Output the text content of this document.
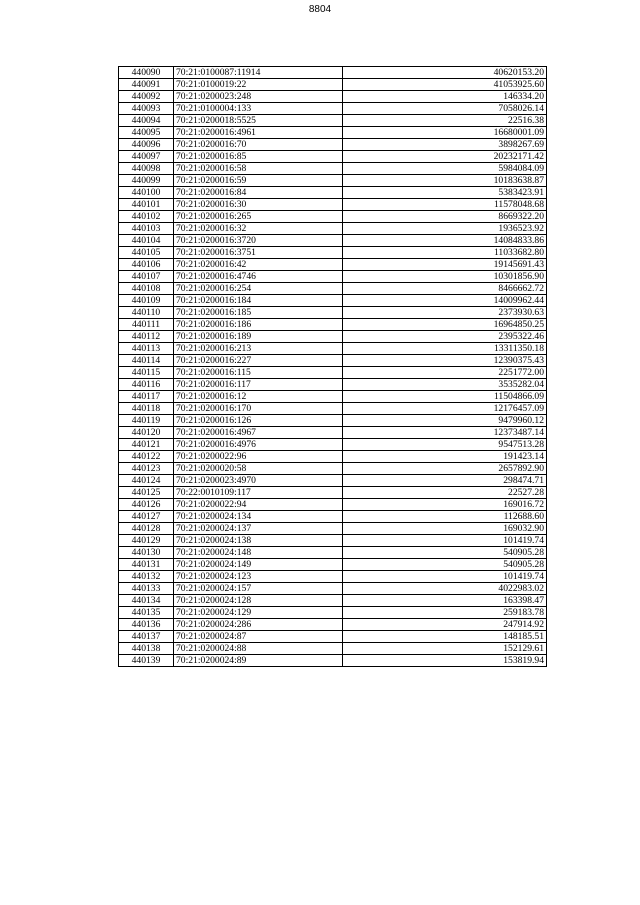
8804
440090	70:21:0100087:11914	40620153.20
440091	70:21:0100019:22	41053925.60
440092	70:21:0200023:248	146334.20
440093	70:21:0100004:133	7058026.14
440094	70:21:0200018:5525	22516.38
440095	70:21:0200016:4961	16680001.09
440096	70:21:0200016:70	3898267.69
440097	70:21:0200016:85	20232171.42
440098	70:21:0200016:58	5984084.09
440099	70:21:0200016:59	10183638.87
440100	70:21:0200016:84	5383423.91
440101	70:21:0200016:30	11578048.68
440102	70:21:0200016:265	8669322.20
440103	70:21:0200016:32	1936523.92
440104	70:21:0200016:3720	14084833.86
440105	70:21:0200016:3751	11033682.80
440106	70:21:0200016:42	19145691.43
440107	70:21:0200016:4746	10301856.90
440108	70:21:0200016:254	8466662.72
440109	70:21:0200016:184	14009962.44
440110	70:21:0200016:185	2373930.63
440111	70:21:0200016:186	16964850.25
440112	70:21:0200016:189	2395322.46
440113	70:21:0200016:213	13311350.18
440114	70:21:0200016:227	12390375.43
440115	70:21:0200016:115	2251772.00
440116	70:21:0200016:117	3535282.04
440117	70:21:0200016:12	11504866.09
440118	70:21:0200016:170	12176457.09
440119	70:21:0200016:126	9479960.12
440120	70:21:0200016:4967	12373487.14
440121	70:21:0200016:4976	9547513.28
440122	70:21:0200022:96	191423.14
440123	70:21:0200020:58	2657892.90
440124	70:21:0200023:4970	298474.71
440125	70:22:0010109:117	22527.28
440126	70:21:0200022:94	169016.72
440127	70:21:0200024:134	112688.60
440128	70:21:0200024:137	169032.90
440129	70:21:0200024:138	101419.74
440130	70:21:0200024:148	540905.28
440131	70:21:0200024:149	540905.28
440132	70:21:0200024:123	101419.74
440133	70:21:0200024:157	4022983.02
440134	70:21:0200024:128	163398.47
440135	70:21:0200024:129	259183.78
440136	70:21:0200024:286	247914.92
440137	70:21:0200024:87	148185.51
440138	70:21:0200024:88	152129.61
440139	70:21:0200024:89	153819.94
